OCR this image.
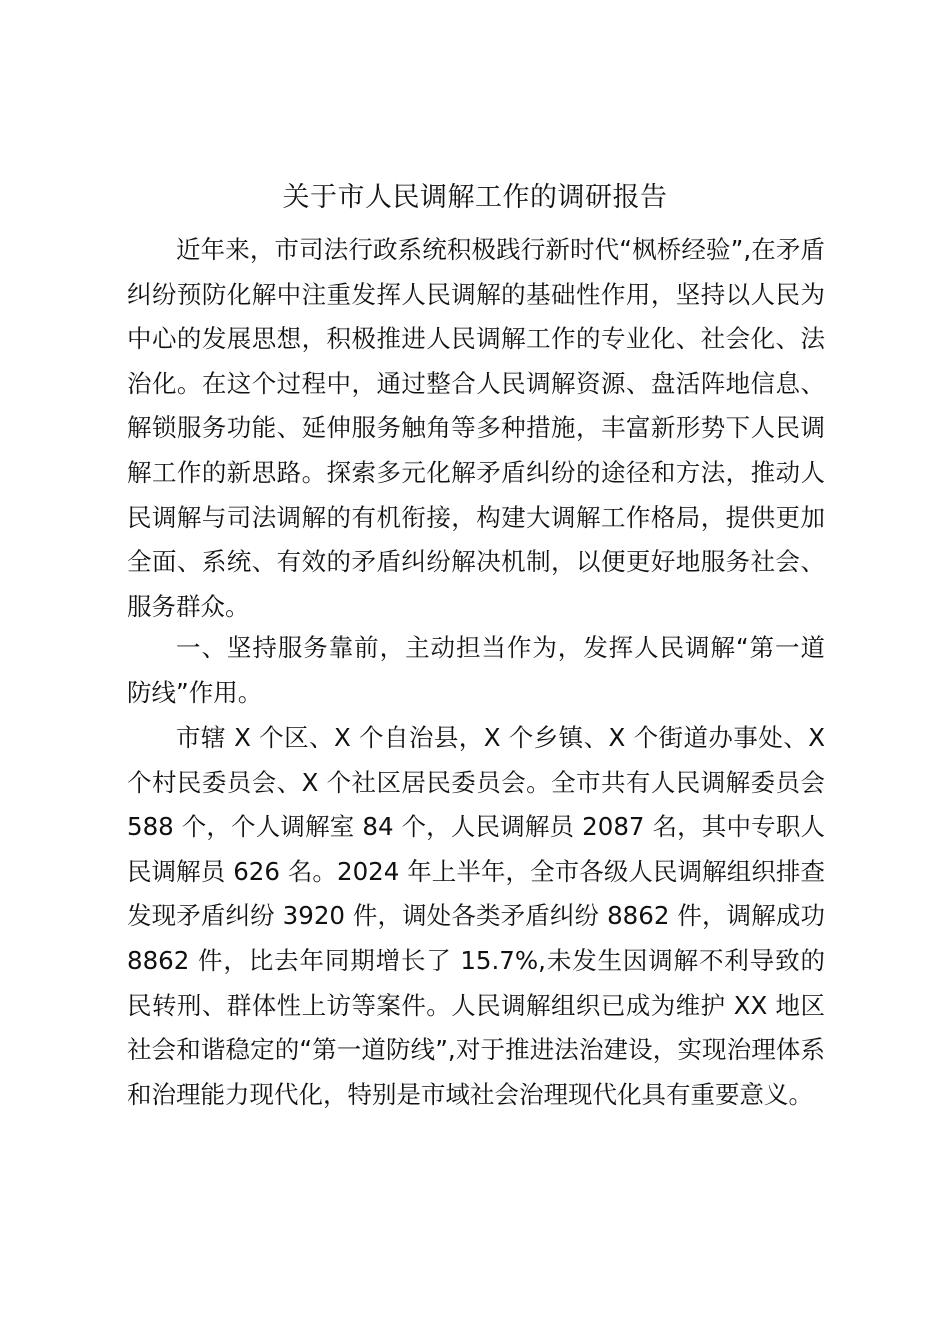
关于市人民调解工作的调研报告

近年来，市司法行政系统积极践行新时代“枫桥经验”,在矛盾纠纷预防化解中注重发挥人民调解的基础性作用，坚持以人民为中心的发展思想，积极推进人民调解工作的专业化、社会化、法治化。在这个过程中，通过整合人民调解资源、盘活阵地信息、解锁服务功能、延伸服务触角等多种措施，丰富新形势下人民调解工作的新思路。探索多元化解矛盾纠纷的途径和方法，推动人民调解与司法调解的有机衔接，构建大调解工作格局，提供更加全面、系统、有效的矛盾纠纷解决机制，以便更好地服务社会、服务群众。

一、坚持服务靠前，主动担当作为，发挥人民调解“第一道防线”作用。

市辖 X 个区、X 个自治县，X 个乡镇、X 个街道办事处、X 个村民委员会、X 个社区居民委员会。全市共有人民调解委员会 588 个，个人调解室 84 个，人民调解员 2087 名，其中专职人民调解员 626 名。2024 年上半年，全市各级人民调解组织排查发现矛盾纠纷 3920 件，调处各类矛盾纠纷 8862 件，调解成功 8862 件，比去年同期增长了 15.7%,未发生因调解不利导致的民转刑、群体性上访等案件。人民调解组织已成为维护 XX 地区社会和谐稳定的“第一道防线”,对于推进法治建设，实现治理体系和治理能力现代化，特别是市域社会治理现代化具有重要意义。
